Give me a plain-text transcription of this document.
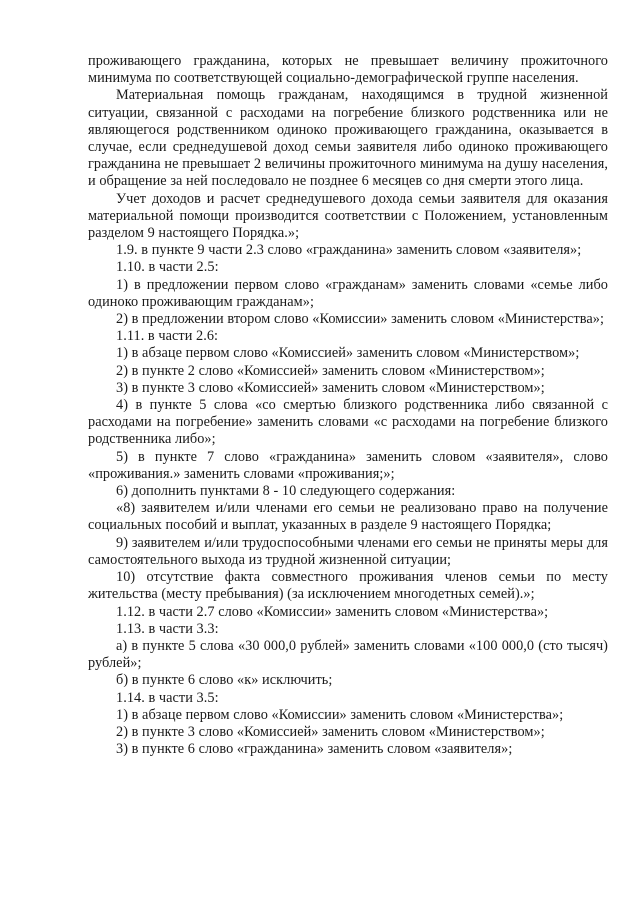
проживающего гражданина, которых не превышает величину прожиточного минимума по соответствующей социально-демографической группе населения.

Материальная помощь гражданам, находящимся в трудной жизненной ситуации, связанной с расходами на погребение близкого родственника или не являющегося родственником одиноко проживающего гражданина, оказывается в случае, если среднедушевой доход семьи заявителя либо одиноко проживающего гражданина не превышает 2 величины прожиточного минимума на душу населения, и обращение за ней последовало не позднее 6 месяцев со дня смерти этого лица.

Учет доходов и расчет среднедушевого дохода семьи заявителя для оказания материальной помощи производится соответствии с Положением, установленным разделом 9 настоящего Порядка.»;

1.9. в пункте 9 части 2.3 слово «гражданина» заменить словом «заявителя»;

1.10. в части 2.5:

1) в предложении первом слово «гражданам» заменить словами «семье либо одиноко проживающим гражданам»;

2) в предложении втором слово «Комиссии» заменить словом «Министерства»;

1.11. в части 2.6:

1) в абзаце первом слово «Комиссией» заменить словом «Министерством»;

2) в пункте 2 слово «Комиссией» заменить словом «Министерством»;

3) в пункте 3 слово «Комиссией» заменить словом «Министерством»;

4) в пункте 5 слова «со смертью близкого родственника либо связанной с расходами на погребение» заменить словами «с расходами на погребение близкого родственника либо»;

5) в пункте 7 слово «гражданина» заменить словом «заявителя», слово «проживания.» заменить словами «проживания;»;

6) дополнить пунктами 8 - 10 следующего содержания:

«8) заявителем и/или членами его семьи не реализовано право на получение социальных пособий и выплат, указанных в разделе 9 настоящего Порядка;

9) заявителем и/или трудоспособными членами его семьи не приняты меры для самостоятельного выхода из трудной жизненной ситуации;

10) отсутствие факта совместного проживания членов семьи по месту жительства (месту пребывания) (за исключением многодетных семей).»;

1.12. в части 2.7 слово «Комиссии» заменить словом «Министерства»;

1.13. в части 3.3:

а) в пункте 5 слова «30 000,0 рублей» заменить словами «100 000,0 (сто тысяч) рублей»;

б) в пункте 6 слово «к» исключить;

1.14. в части 3.5:

1) в абзаце первом слово «Комиссии» заменить словом «Министерства»;

2) в пункте 3 слово «Комиссией» заменить словом «Министерством»;

3) в пункте 6 слово «гражданина» заменить словом «заявителя»;
